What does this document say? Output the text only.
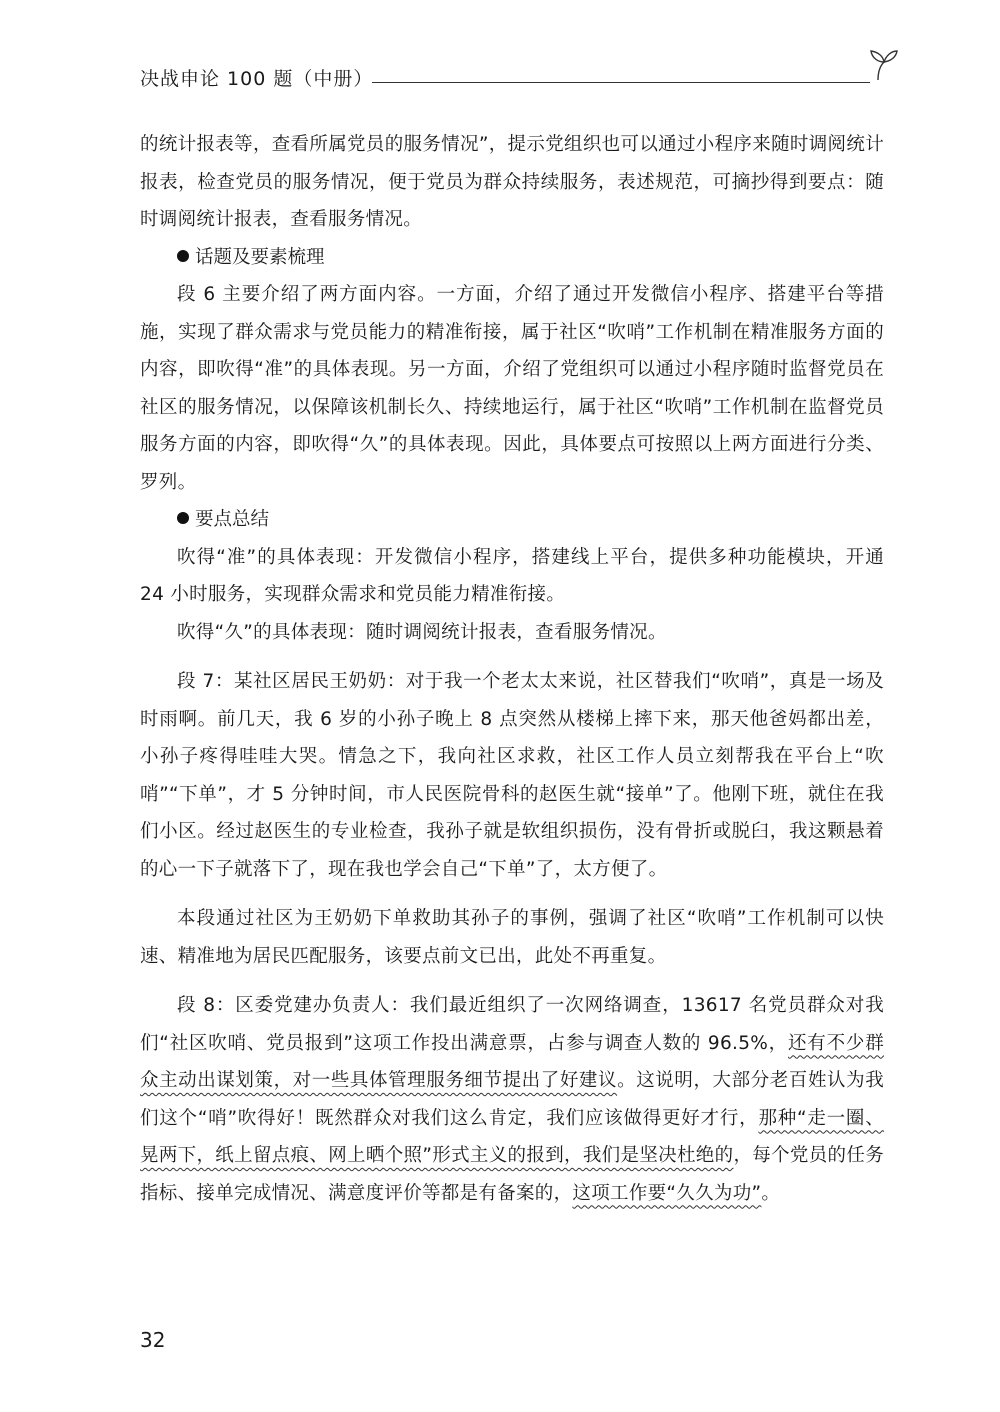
决战申论 100 题（中册）

的统计报表等，查看所属党员的服务情况”，提示党组织也可以通过小程序来随时调阅统计报表，检查党员的服务情况，便于党员为群众持续服务，表述规范，可摘抄得到要点：随时调阅统计报表，查看服务情况。

话题及要素梳理

段 6 主要介绍了两方面内容。一方面，介绍了通过开发微信小程序、搭建平台等措施，实现了群众需求与党员能力的精准衔接，属于社区“吹哨”工作机制在精准服务方面的内容，即吹得“准”的具体表现。另一方面，介绍了党组织可以通过小程序随时监督党员在社区的服务情况，以保障该机制长久、持续地运行，属于社区“吹哨”工作机制在监督党员服务方面的内容，即吹得“久”的具体表现。因此，具体要点可按照以上两方面进行分类、罗列。

要点总结

吹得“准”的具体表现：开发微信小程序，搭建线上平台，提供多种功能模块，开通 24 小时服务，实现群众需求和党员能力精准衔接。

吹得“久”的具体表现：随时调阅统计报表，查看服务情况。

段 7：某社区居民王奶奶：对于我一个老太太来说，社区替我们“吹哨”，真是一场及时雨啊。前几天，我 6 岁的小孙子晚上 8 点突然从楼梯上摔下来，那天他爸妈都出差，小孙子疼得哇哇大哭。情急之下，我向社区求救，社区工作人员立刻帮我在平台上“吹哨”“下单”，才 5 分钟时间，市人民医院骨科的赵医生就“接单”了。他刚下班，就住在我们小区。经过赵医生的专业检查，我孙子就是软组织损伤，没有骨折或脱臼，我这颗悬着的心一下子就落下了，现在我也学会自己“下单”了，太方便了。

本段通过社区为王奶奶下单救助其孙子的事例，强调了社区“吹哨”工作机制可以快速、精准地为居民匹配服务，该要点前文已出，此处不再重复。

段 8：区委党建办负责人：我们最近组织了一次网络调查，13617 名党员群众对我们“社区吹哨、党员报到”这项工作投出满意票，占参与调查人数的 96.5%，还有不少群众主动出谋划策，对一些具体管理服务细节提出了好建议。这说明，大部分老百姓认为我们这个“哨”吹得好！既然群众对我们这么肯定，我们应该做得更好才行，那种“走一圈、晃两下，纸上留点痕、网上晒个照”形式主义的报到，我们是坚决杜绝的，每个党员的任务指标、接单完成情况、满意度评价等都是有备案的，这项工作要“久久为功”。

32
